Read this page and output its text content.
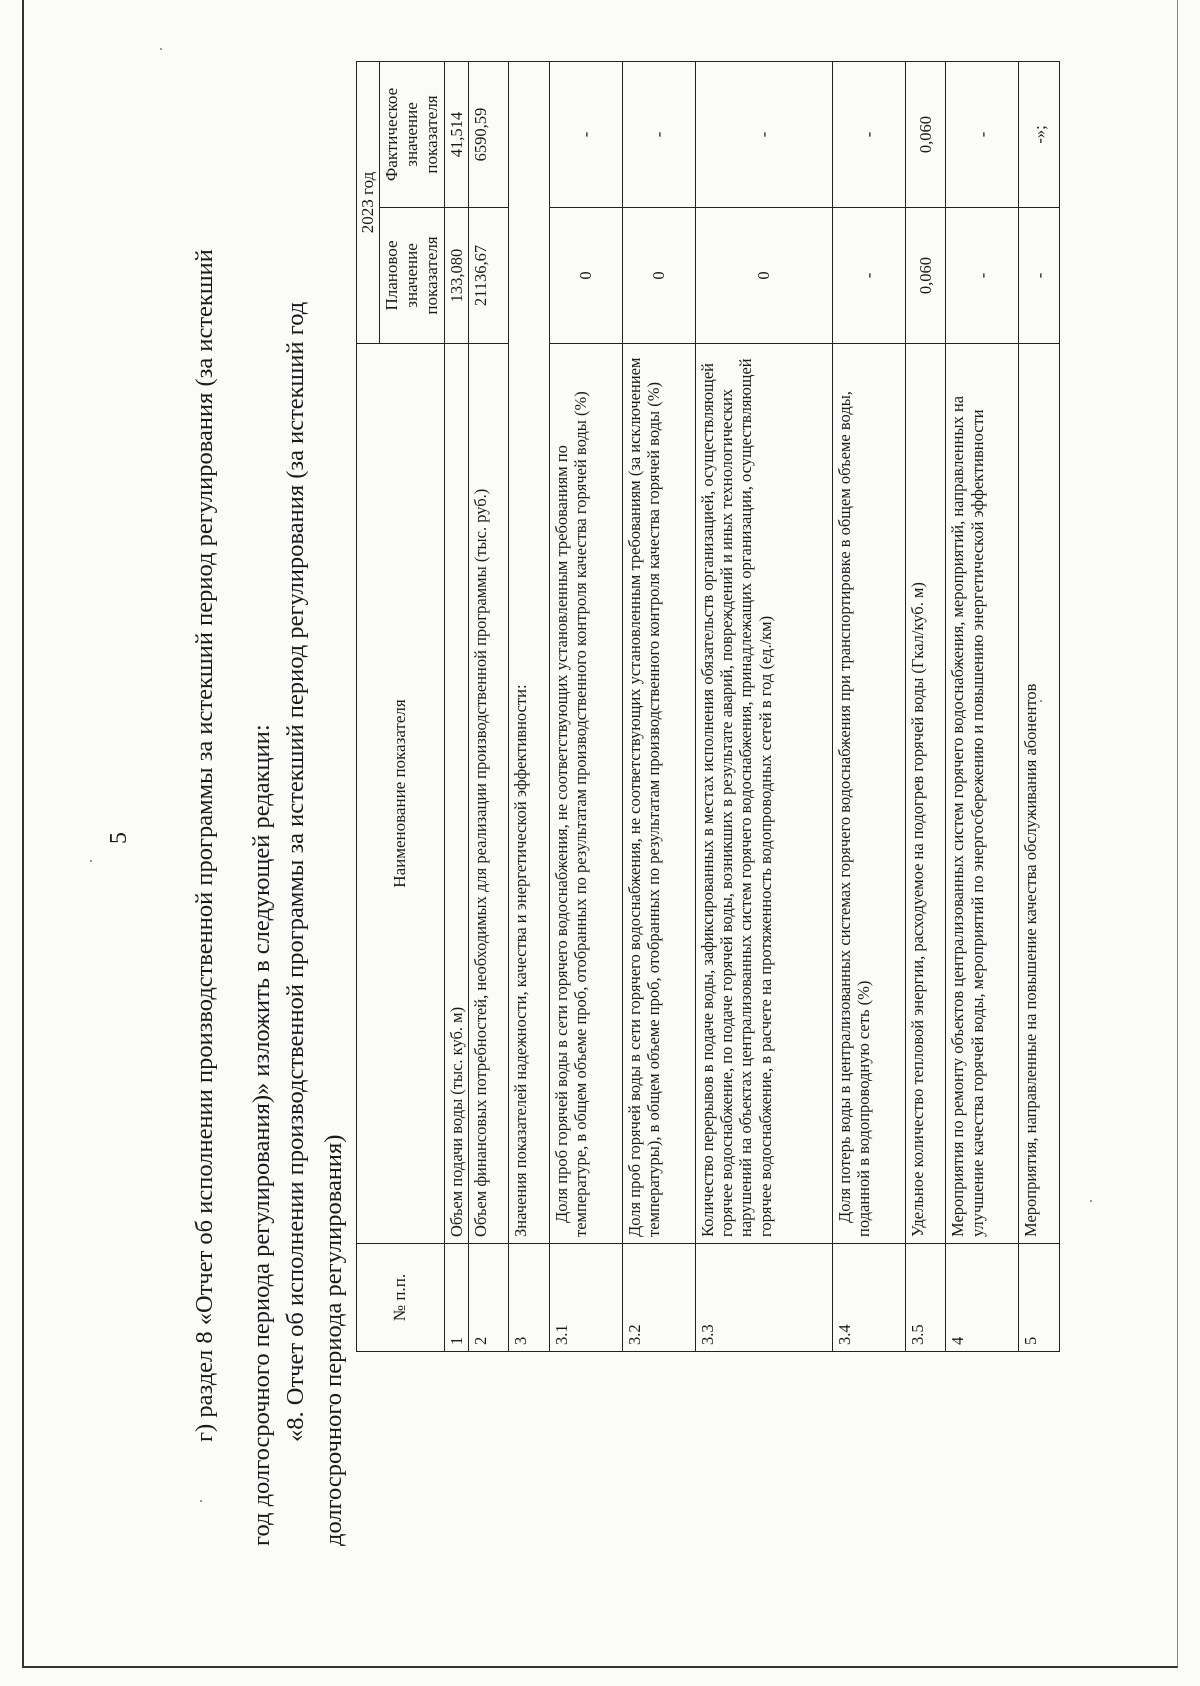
5 г) раздел 8 «Отчет об исполнении производственной программы за истекший период регулирования (за истекший год долгосрочного периода регулирования)» изложить в следующей редакции: «8. Отчет об исполнении производственной программы за истекший период регулирования (за истекший год долгосрочного периода регулирования)	№ п.п.	Наименование показателя	2023 год	
		Плановое значение показателя	Фактическое значение показателя
1	Объем подачи воды (тыс. куб. м)	133,080	41,514
2	Объем финансовых потребностей, необходимых для реализации производственной программы (тыс. руб.)	21136,67	6590,59
3	Значения показателей надежности, качества и энергетической эффективности:		
3.1	Доля проб горячей воды в сети горячего водоснабжения, не соответствующих установленным требованиям по температуре, в общем объеме проб, отобранных по результатам производственного контроля качества горячей воды (%)	0	-
3.2	Доля проб горячей воды в сети горячего водоснабжения, не соответствующих установленным требованиям (за исключением температуры), в общем объеме проб, отобранных по результатам производственного контроля качества горячей воды (%)	0	-
3.3	Количество перерывов в подаче воды, зафиксированных в местах исполнения обязательств организацией, осуществляющей горячее водоснабжение, по подаче горячей воды, возникших в результате аварий, повреждений и иных технологических нарушений на объектах централизованных систем горячего водоснабжения, принадлежащих организации, осуществляющей горячее водоснабжение, в расчете на протяженность водопроводных сетей в год (ед./км)	0	-
3.4	Доля потерь воды в централизованных системах горячего водоснабжения при транспортировке в общем объеме воды, поданной в водопроводную сеть (%)	-	-
3.5	Удельное количество тепловой энергии, расходуемое на подогрев горячей воды (Гкал/куб. м)	0,060	0,060
4	Мероприятия по ремонту объектов централизованных систем горячего водоснабжения, мероприятий, направленных на улучшение качества горячей воды, мероприятий по энергосбережению и повышению энергетической эффективности	-	-
5	Мероприятия, направленные на повышение качества обслуживания абонентов	-	-»;
